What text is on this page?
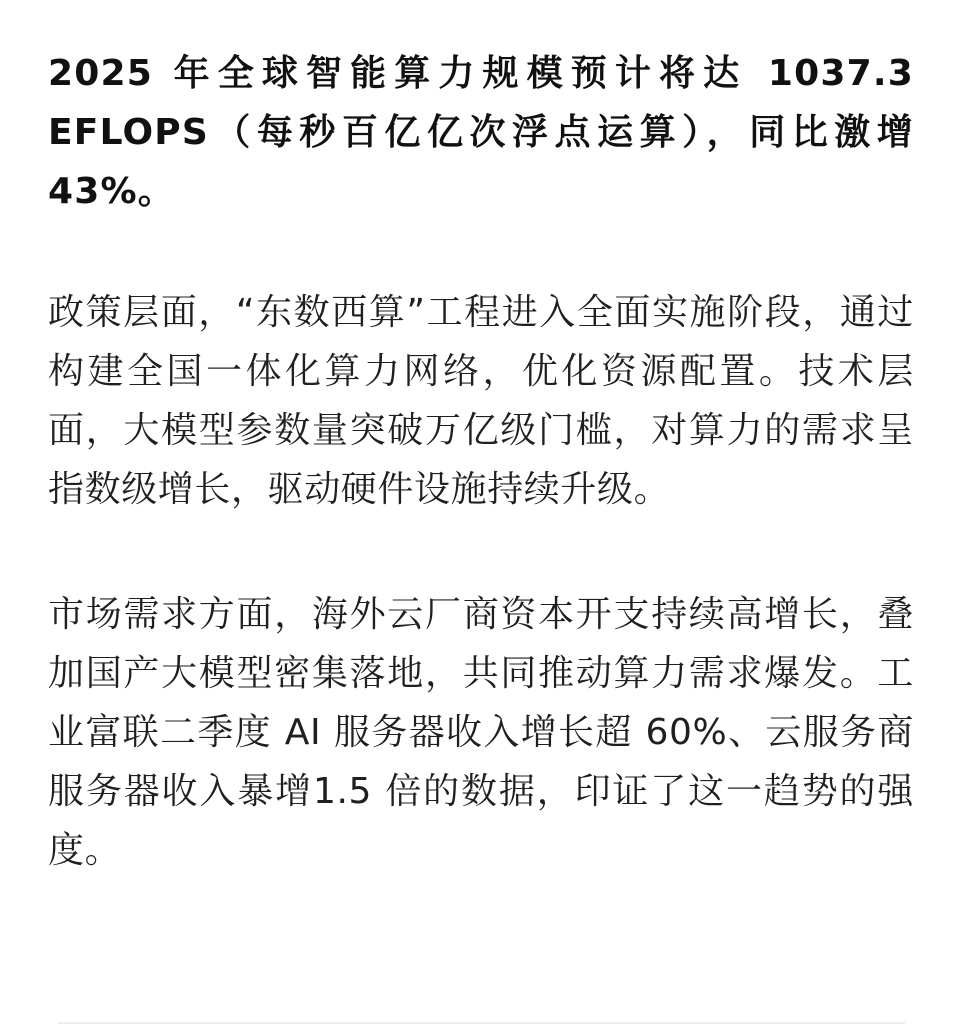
2025 年全球智能算力规模预计将达 1037.3 EFLOPS（每秒百亿亿次浮点运算），同比激增 43%。

政策层面，“东数西算”工程进入全面实施阶段，通过构建全国一体化算力网络，优化资源配置。技术层面，大模型参数量突破万亿级门槛，对算力的需求呈指数级增长，驱动硬件设施持续升级。

市场需求方面，海外云厂商资本开支持续高增长，叠加国产大模型密集落地，共同推动算力需求爆发。工业富联二季度 AI 服务器收入增长超 60%、云服务商服务器收入暴增1.5 倍的数据，印证了这一趋势的强度。
